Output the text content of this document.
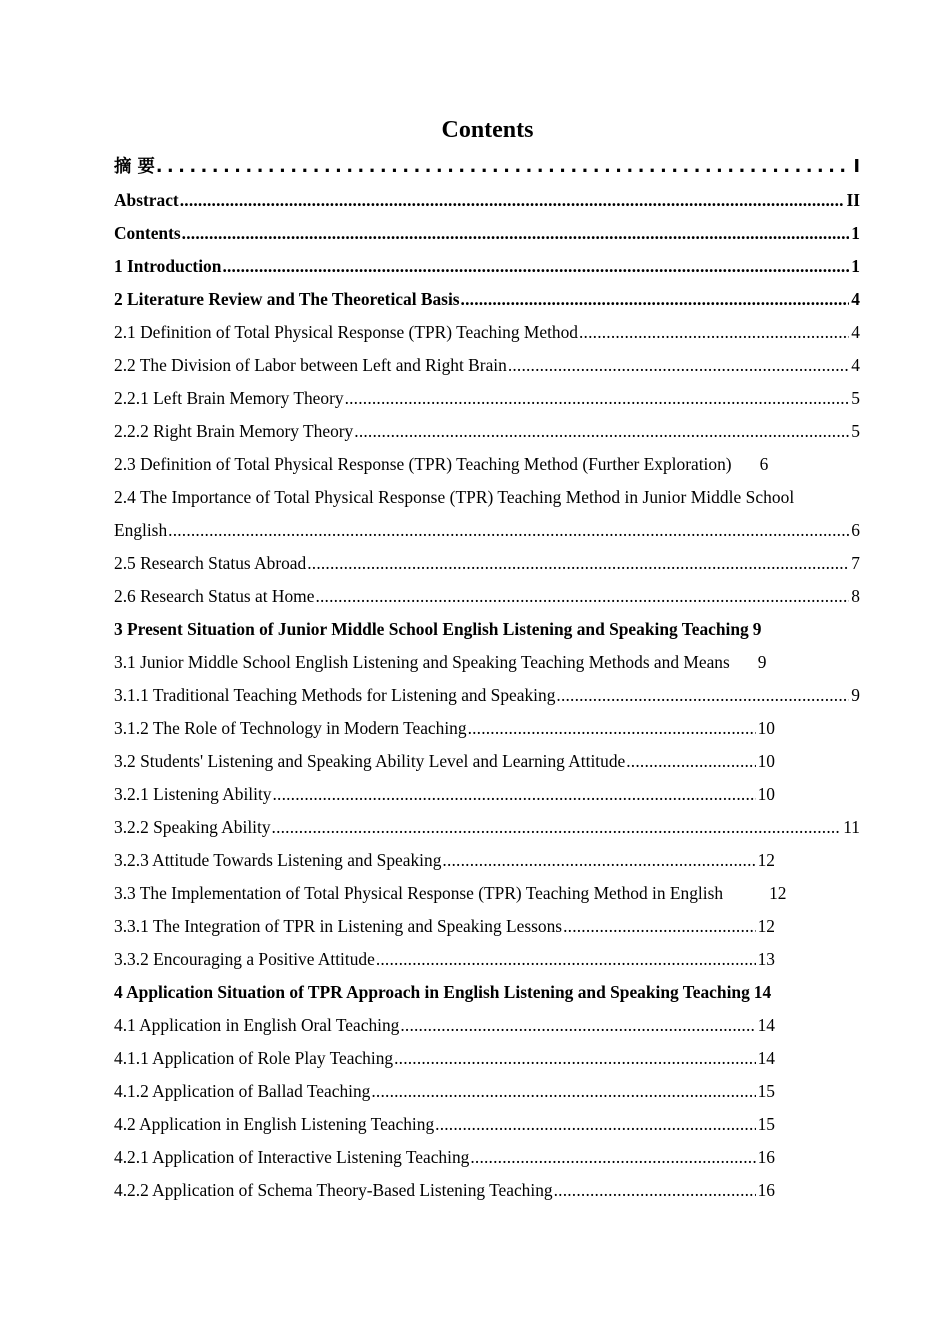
Contents
摘 要 .....	I
Abstract .....	II
Contents .....	1
1 Introduction .....	1
2 Literature Review and The Theoretical Basis .....	4
2.1 Definition of Total Physical Response (TPR) Teaching Method .....	4
2.2 The Division of Labor between Left and Right Brain .....	4
2.2.1 Left Brain Memory Theory .....	5
2.2.2 Right Brain Memory Theory .....	5
2.3 Definition of Total Physical Response (TPR) Teaching Method (Further Exploration) 6
2.4 The Importance of Total Physical Response (TPR) Teaching Method in Junior Middle School
English .....	6
2.5 Research Status Abroad .....	7
2.6 Research Status at Home .....	8
3 Present Situation of Junior Middle School English Listening and Speaking Teaching 9
3.1 Junior Middle School English Listening and Speaking Teaching Methods and Means 9
3.1.1 Traditional Teaching Methods for Listening and Speaking .....	9
3.1.2 The Role of Technology in Modern Teaching .....	10
3.2 Students' Listening and Speaking Ability Level and Learning Attitude .....	10
3.2.1 Listening Ability .....	10
3.2.2 Speaking Ability .....	11
3.2.3 Attitude Towards Listening and Speaking .....	12
3.3 The Implementation of Total Physical Response (TPR) Teaching Method in English	12
3.3.1 The Integration of TPR in Listening and Speaking Lessons .....	12
3.3.2 Encouraging a Positive Attitude .....	13
4 Application Situation of TPR Approach in English Listening and Speaking Teaching 14
4.1 Application in English Oral Teaching .....	14
4.1.1 Application of Role Play Teaching .....	14
4.1.2 Application of Ballad Teaching .....	15
4.2 Application in English Listening Teaching .....	15
4.2.1 Application of Interactive Listening Teaching .....	16
4.2.2 Application of Schema Theory-Based Listening Teaching .....	16
